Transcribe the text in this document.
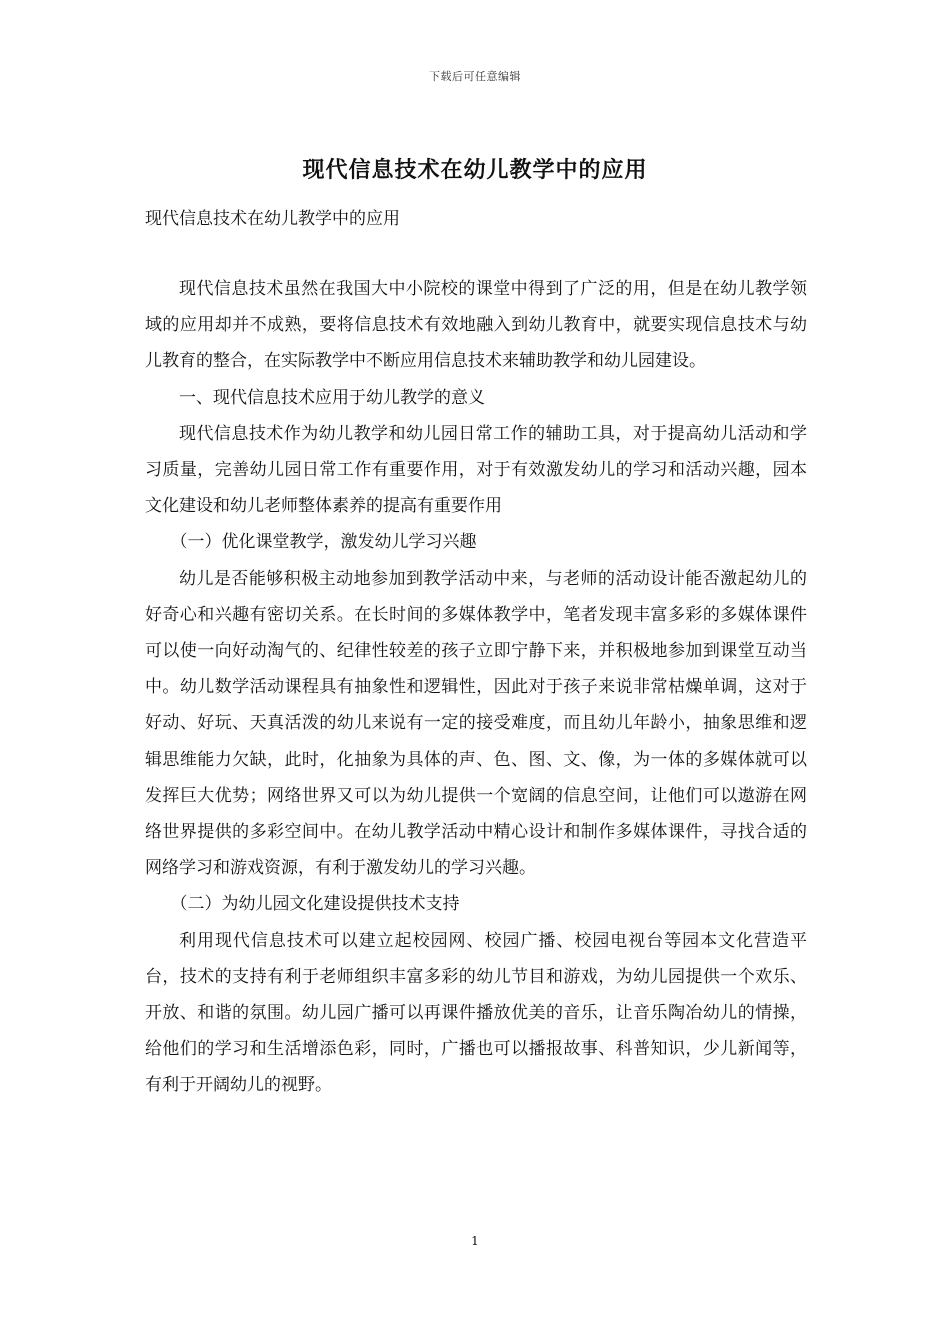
下载后可任意编辑
现代信息技术在幼儿教学中的应用
现代信息技术在幼儿教学中的应用

现代信息技术虽然在我国大中小院校的课堂中得到了广泛的用，但是在幼儿教学领域的应用却并不成熟，要将信息技术有效地融入到幼儿教育中，就要实现信息技术与幼儿教育的整合，在实际教学中不断应用信息技术来辅助教学和幼儿园建设。

一、现代信息技术应用于幼儿教学的意义

现代信息技术作为幼儿教学和幼儿园日常工作的辅助工具，对于提高幼儿活动和学习质量，完善幼儿园日常工作有重要作用，对于有效激发幼儿的学习和活动兴趣，园本文化建设和幼儿老师整体素养的提高有重要作用

（一）优化课堂教学，激发幼儿学习兴趣

幼儿是否能够积极主动地参加到教学活动中来，与老师的活动设计能否激起幼儿的好奇心和兴趣有密切关系。在长时间的多媒体教学中，笔者发现丰富多彩的多媒体课件可以使一向好动淘气的、纪律性较差的孩子立即宁静下来，并积极地参加到课堂互动当中。幼儿数学活动课程具有抽象性和逻辑性，因此对于孩子来说非常枯燥单调，这对于好动、好玩、天真活泼的幼儿来说有一定的接受难度，而且幼儿年龄小，抽象思维和逻辑思维能力欠缺，此时，化抽象为具体的声、色、图、文、像，为一体的多媒体就可以发挥巨大优势；网络世界又可以为幼儿提供一个宽阔的信息空间，让他们可以遨游在网络世界提供的多彩空间中。在幼儿教学活动中精心设计和制作多媒体课件，寻找合适的网络学习和游戏资源，有利于激发幼儿的学习兴趣。

（二）为幼儿园文化建设提供技术支持

利用现代信息技术可以建立起校园网、校园广播、校园电视台等园本文化营造平台，技术的支持有利于老师组织丰富多彩的幼儿节目和游戏，为幼儿园提供一个欢乐、开放、和谐的氛围。幼儿园广播可以再课件播放优美的音乐，让音乐陶冶幼儿的情操，给他们的学习和生活增添色彩，同时，广播也可以播报故事、科普知识，少儿新闻等，有利于开阔幼儿的视野。

1
